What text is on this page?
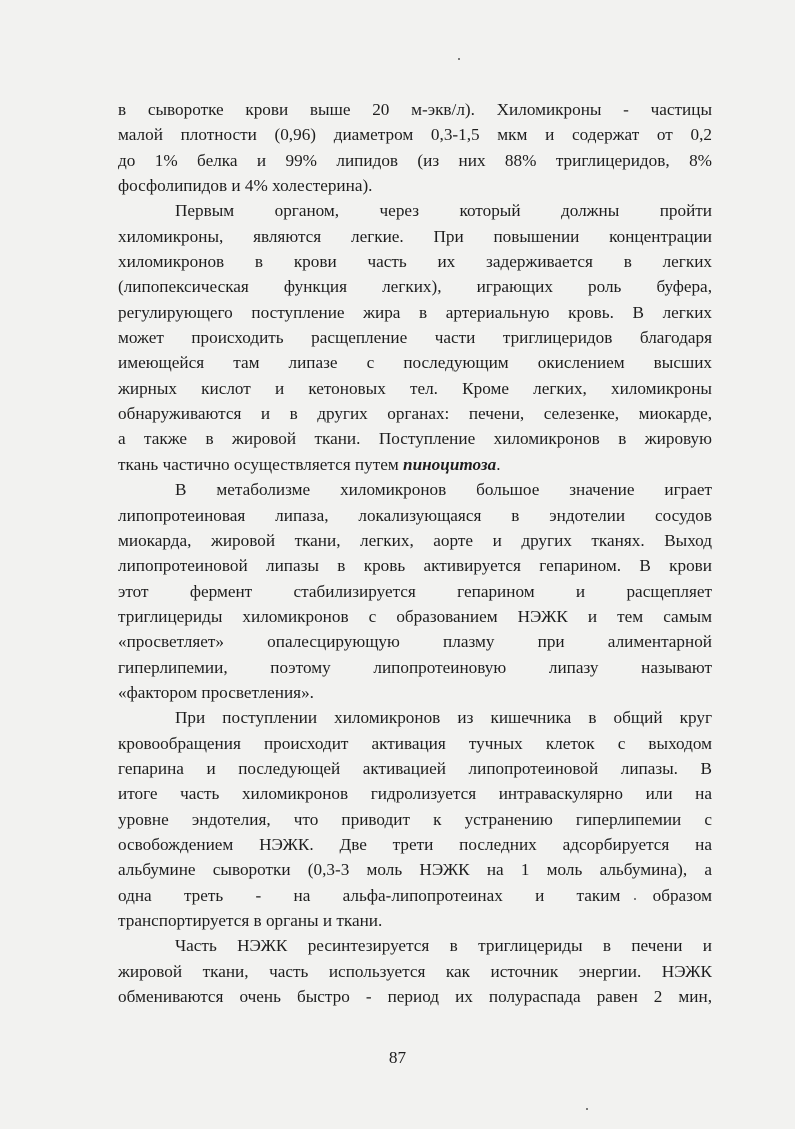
в сыворотке крови выше 20 м-экв/л). Хиломикроны - частицы
малой плотности (0,96) диаметром 0,3-1,5 мкм и содержат от 0,2
до 1% белка и 99% липидов (из них 88% триглицеридов, 8%
фосфолипидов и 4% холестерина).

Первым органом, через который должны пройти
хиломикроны, являются легкие. При повышении концентрации
хиломикронов в крови часть их задерживается в легких
(липопексическая функция легких), играющих роль буфера,
регулирующего поступление жира в артериальную кровь. В легких
может происходить расщепление части триглицеридов благодаря
имеющейся там липазе с последующим окислением высших
жирных кислот и кетоновых тел. Кроме легких, хиломикроны
обнаруживаются и в других органах: печени, селезенке, миокарде,
а также в жировой ткани. Поступление хиломикронов в жировую
ткань частично осуществляется путем пиноцитоза.

В метаболизме хиломикронов большое значение играет
липопротеиновая липаза, локализующаяся в эндотелии сосудов
миокарда, жировой ткани, легких, аорте и других тканях. Выход
липопротеиновой липазы в кровь активируется гепарином. В крови
этот фермент стабилизируется гепарином и расщепляет
триглицериды хиломикронов с образованием НЭЖК и тем самым
«просветляет» опалесцирующую плазму при алиментарной
гиперлипемии, поэтому липопротеиновую липазу называют
«фактором просветления».

При поступлении хиломикронов из кишечника в общий круг
кровообращения происходит активация тучных клеток с выходом
гепарина и последующей активацией липопротеиновой липазы. В
итоге часть хиломикронов гидролизуется интраваскулярно или на
уровне эндотелия, что приводит к устранению гиперлипемии с
освобождением НЭЖК. Две трети последних адсорбируется на
альбумине сыворотки (0,3-3 моль НЭЖК на 1 моль альбумина), а
одна треть - на альфа-липопротеинах и таким образом
транспортируется в органы и ткани.

Часть НЭЖК ресинтезируется в триглицериды в печени и
жировой ткани, часть используется как источник энергии. НЭЖК
обмениваются очень быстро - период их полураспада равен 2 мин,

87
